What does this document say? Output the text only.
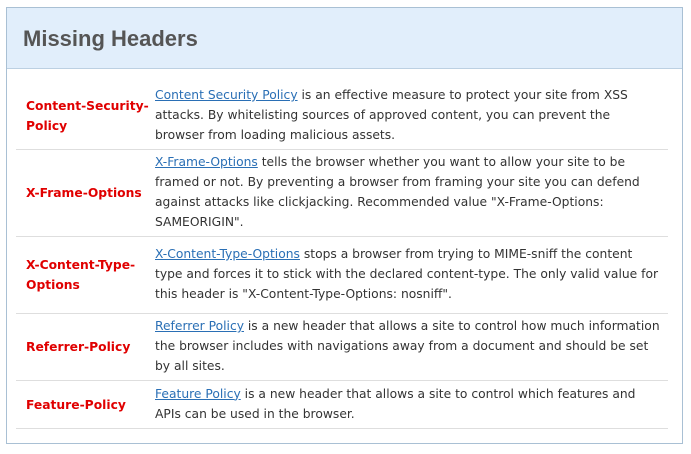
Missing Headers
Content-Security-Policy	Content Security Policy is an effective measure to protect your site from XSS attacks. By whitelisting sources of approved content, you can prevent the browser from loading malicious assets.
X-Frame-Options	X-Frame-Options tells the browser whether you want to allow your site to be framed or not. By preventing a browser from framing your site you can defend against attacks like clickjacking. Recommended value "X-Frame-Options: SAMEORIGIN".
X-Content-Type-Options	X-Content-Type-Options stops a browser from trying to MIME-sniff the content type and forces it to stick with the declared content-type. The only valid value for this header is "X-Content-Type-Options: nosniff".
Referrer-Policy	Referrer Policy is a new header that allows a site to control how much information the browser includes with navigations away from a document and should be set by all sites.
Feature-Policy	Feature Policy is a new header that allows a site to control which features and APIs can be used in the browser.
